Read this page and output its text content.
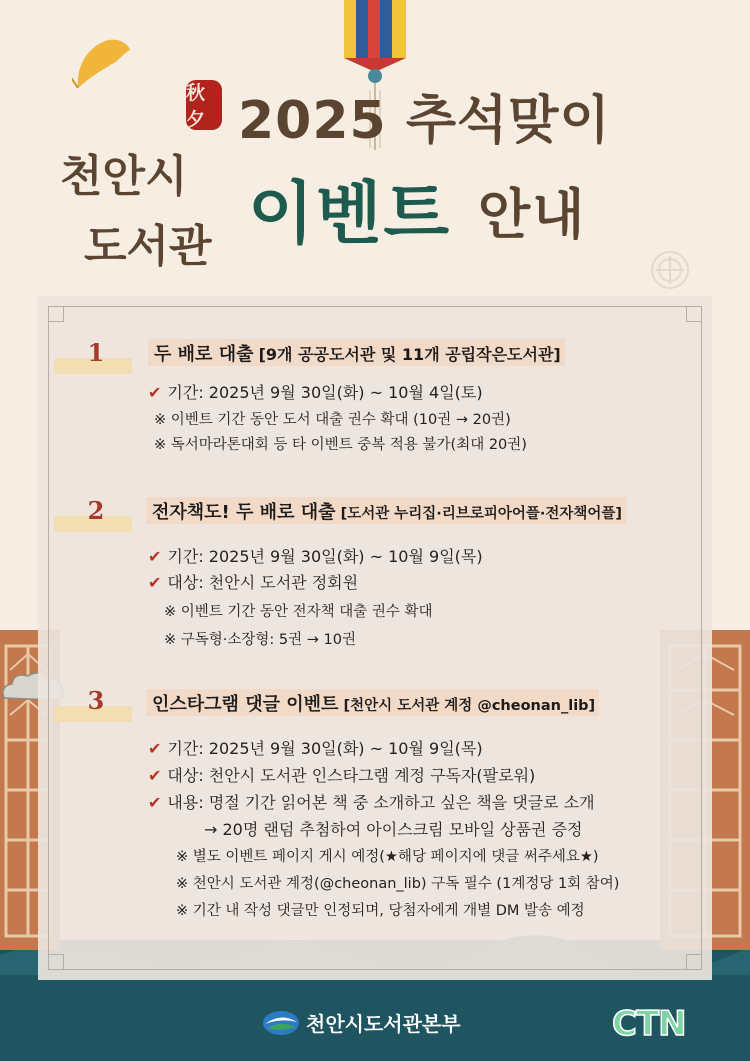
秋夕 2025 추석맞이
천안시
도서관 이벤트 안내
1	두 배로 대출 [9개 공공도서관 및 11개 공립작은도서관]
✔ 기간: 2025년 9월 30일(화) ~ 10월 4일(토)
※ 이벤트 기간 동안 도서 대출 권수 확대 (10권 → 20권)
※ 독서마라톤대회 등 타 이벤트 중복 적용 불가(최대 20권)
2	전자책도! 두 배로 대출 [도서관 누리집·리브로피아어플·전자책어플]
✔ 기간: 2025년 9월 30일(화) ~ 10월 9일(목)
✔ 대상: 천안시 도서관 정회원
※ 이벤트 기간 동안 전자책 대출 권수 확대
※ 구독형·소장형: 5권 → 10권
3	인스타그램 댓글 이벤트 [천안시 도서관 계정 @cheonan_lib]
✔ 기간: 2025년 9월 30일(화) ~ 10월 9일(목)
✔ 대상: 천안시 도서관 인스타그램 계정 구독자(팔로워)
✔ 내용: 명절 기간 읽어본 책 중 소개하고 싶은 책을 댓글로 소개
→ 20명 랜덤 추첨하여 아이스크림 모바일 상품권 증정
※ 별도 이벤트 페이지 게시 예정(★해당 페이지에 댓글 써주세요★)
※ 천안시 도서관 계정(@cheonan_lib) 구독 필수 (1계정당 1회 참여)
※ 기간 내 작성 댓글만 인정되며, 당첨자에게 개별 DM 발송 예정
천안시도서관본부	CTN
